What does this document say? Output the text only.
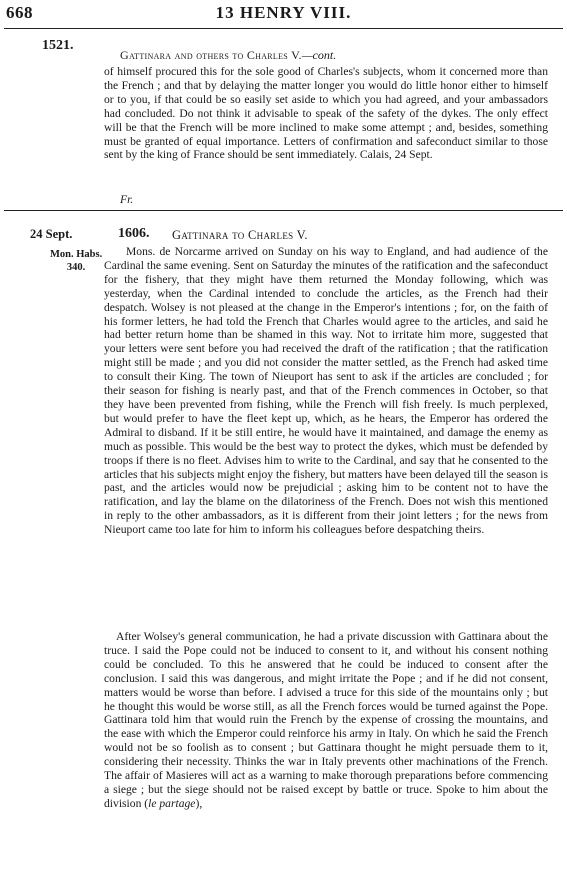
668	13 HENRY VIII.
1521.
Gattinara and others to Charles V.—cont.
of himself procured this for the sole good of Charles's subjects, whom it concerned more than the French ; and that by delaying the matter longer you would do little honor either to himself or to you, if that could be so easily set aside to which you had agreed, and your ambassadors had concluded. Do not think it advisable to speak of the safety of the dykes. The only effect will be that the French will be more inclined to make some attempt ; and, besides, something must be granted of equal importance. Letters of confirmation and safeconduct similar to those sent by the king of France should be sent immediately. Calais, 24 Sept.
Fr.
24 Sept.	1606. Gattinara to Charles V.
Mon. Habs.
340.

Mons. de Norcarme arrived on Sunday on his way to England, and had audience of the Cardinal the same evening. Sent on Saturday the minutes of the ratification and the safeconduct for the fishery, that they might have them returned the Monday following, which was yesterday, when the Cardinal intended to conclude the articles, as the French had their despatch. Wolsey is not pleased at the change in the Emperor's intentions ; for, on the faith of his former letters, he had told the French that Charles would agree to the articles, and said he had better return home than be shamed in this way. Not to irritate him more, suggested that your letters were sent before you had received the draft of the ratification ; that the ratification might still be made ; and you did not consider the matter settled, as the French had asked time to consult their King. The town of Nieuport has sent to ask if the articles are concluded ; for their season for fishing is nearly past, and that of the French commences in October, so that they have been prevented from fishing, while the French will fish freely. Is much perplexed, but would prefer to have the fleet kept up, which, as he hears, the Emperor has ordered the Admiral to disband. If it be still entire, he would have it maintained, and damage the enemy as much as possible. This would be the best way to protect the dykes, which must be defended by troops if there is no fleet. Advises him to write to the Cardinal, and say that he consented to the articles that his subjects might enjoy the fishery, but matters have been delayed till the season is past, and the articles would now be prejudicial ; asking him to be content not to have the ratification, and lay the blame on the dilatoriness of the French. Does not wish this mentioned in reply to the other ambassadors, as it is different from their joint letters ; for the news from Nieuport came too late for him to inform his colleagues before despatching theirs.

After Wolsey's general communication, he had a private discussion with Gattinara about the truce. I said the Pope could not be induced to consent to it, and without his consent nothing could be concluded. To this he answered that he could be induced to consent after the conclusion. I said this was dangerous, and might irritate the Pope ; and if he did not consent, matters would be worse than before. I advised a truce for this side of the mountains only ; but he thought this would be worse still, as all the French forces would be turned against the Pope. Gattinara told him that would ruin the French by the expense of crossing the mountains, and the ease with which the Emperor could reinforce his army in Italy. On which he said the French would not be so foolish as to consent ; but Gattinara thought he might persuade them to it, considering their necessity. Thinks the war in Italy prevents other machinations of the French. The affair of Masieres will act as a warning to make thorough preparations before commencing a siege ; but the siege should not be raised except by battle or truce. Spoke to him about the division (le partage),
